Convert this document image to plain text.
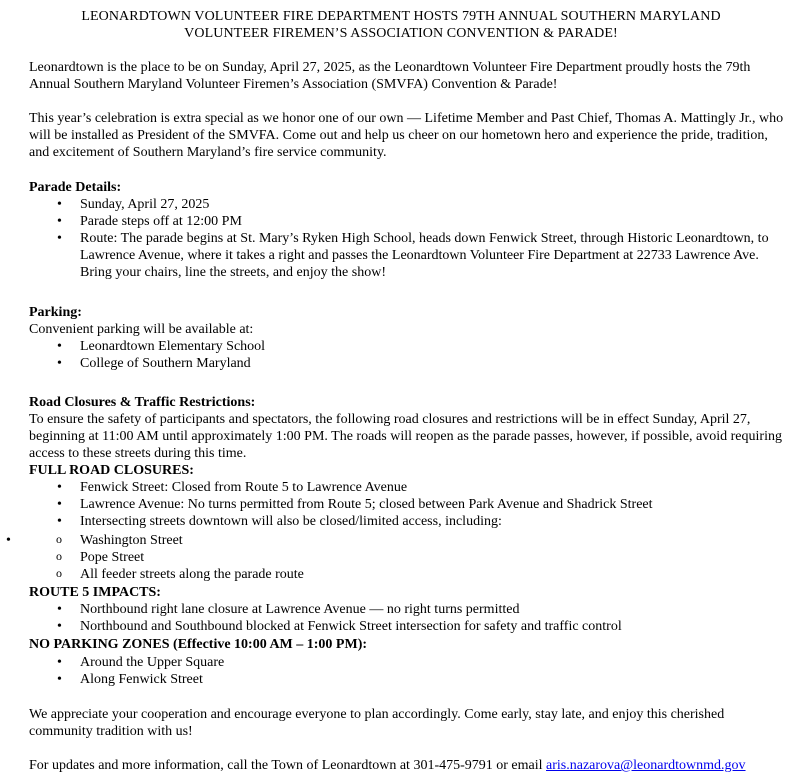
LEONARDTOWN VOLUNTEER FIRE DEPARTMENT HOSTS 79TH ANNUAL SOUTHERN MARYLAND
VOLUNTEER FIREMEN’S ASSOCIATION CONVENTION & PARADE!

Leonardtown is the place to be on Sunday, April 27, 2025, as the Leonardtown Volunteer Fire Department proudly hosts the 79th Annual Southern Maryland Volunteer Firemen’s Association (SMVFA) Convention & Parade!

This year’s celebration is extra special as we honor one of our own — Lifetime Member and Past Chief, Thomas A. Mattingly Jr., who will be installed as President of the SMVFA. Come out and help us cheer on our hometown hero and experience the pride, tradition, and excitement of Southern Maryland’s fire service community.

Parade Details:

• Sunday, April 27, 2025
• Parade steps off at 12:00 PM
• Route: The parade begins at St. Mary’s Ryken High School, heads down Fenwick Street, through Historic Leonardtown, to Lawrence Avenue, where it takes a right and passes the Leonardtown Volunteer Fire Department at 22733 Lawrence Ave. Bring your chairs, line the streets, and enjoy the show!

Parking:

Convenient parking will be available at:

• Leonardtown Elementary School
• College of Southern Maryland

Road Closures & Traffic Restrictions:

To ensure the safety of participants and spectators, the following road closures and restrictions will be in effect Sunday, April 27, beginning at 11:00 AM until approximately 1:00 PM. The roads will reopen as the parade passes, however, if possible, avoid requiring access to these streets during this time.

FULL ROAD CLOSURES:

• Fenwick Street: Closed from Route 5 to Lawrence Avenue
• Lawrence Avenue: No turns permitted from Route 5; closed between Park Avenue and Shadrick Street
• Intersecting streets downtown will also be closed/limited access, including:
o • Washington Street
o Pope Street
o All feeder streets along the parade route

ROUTE 5 IMPACTS:

• Northbound right lane closure at Lawrence Avenue — no right turns permitted
• Northbound and Southbound blocked at Fenwick Street intersection for safety and traffic control

NO PARKING ZONES (Effective 10:00 AM – 1:00 PM):

• Around the Upper Square
• Along Fenwick Street

We appreciate your cooperation and encourage everyone to plan accordingly. Come early, stay late, and enjoy this cherished community tradition with us!

For updates and more information, call the Town of Leonardtown at 301-475-9791 or email aris.nazarova@leonardtownmd.gov
